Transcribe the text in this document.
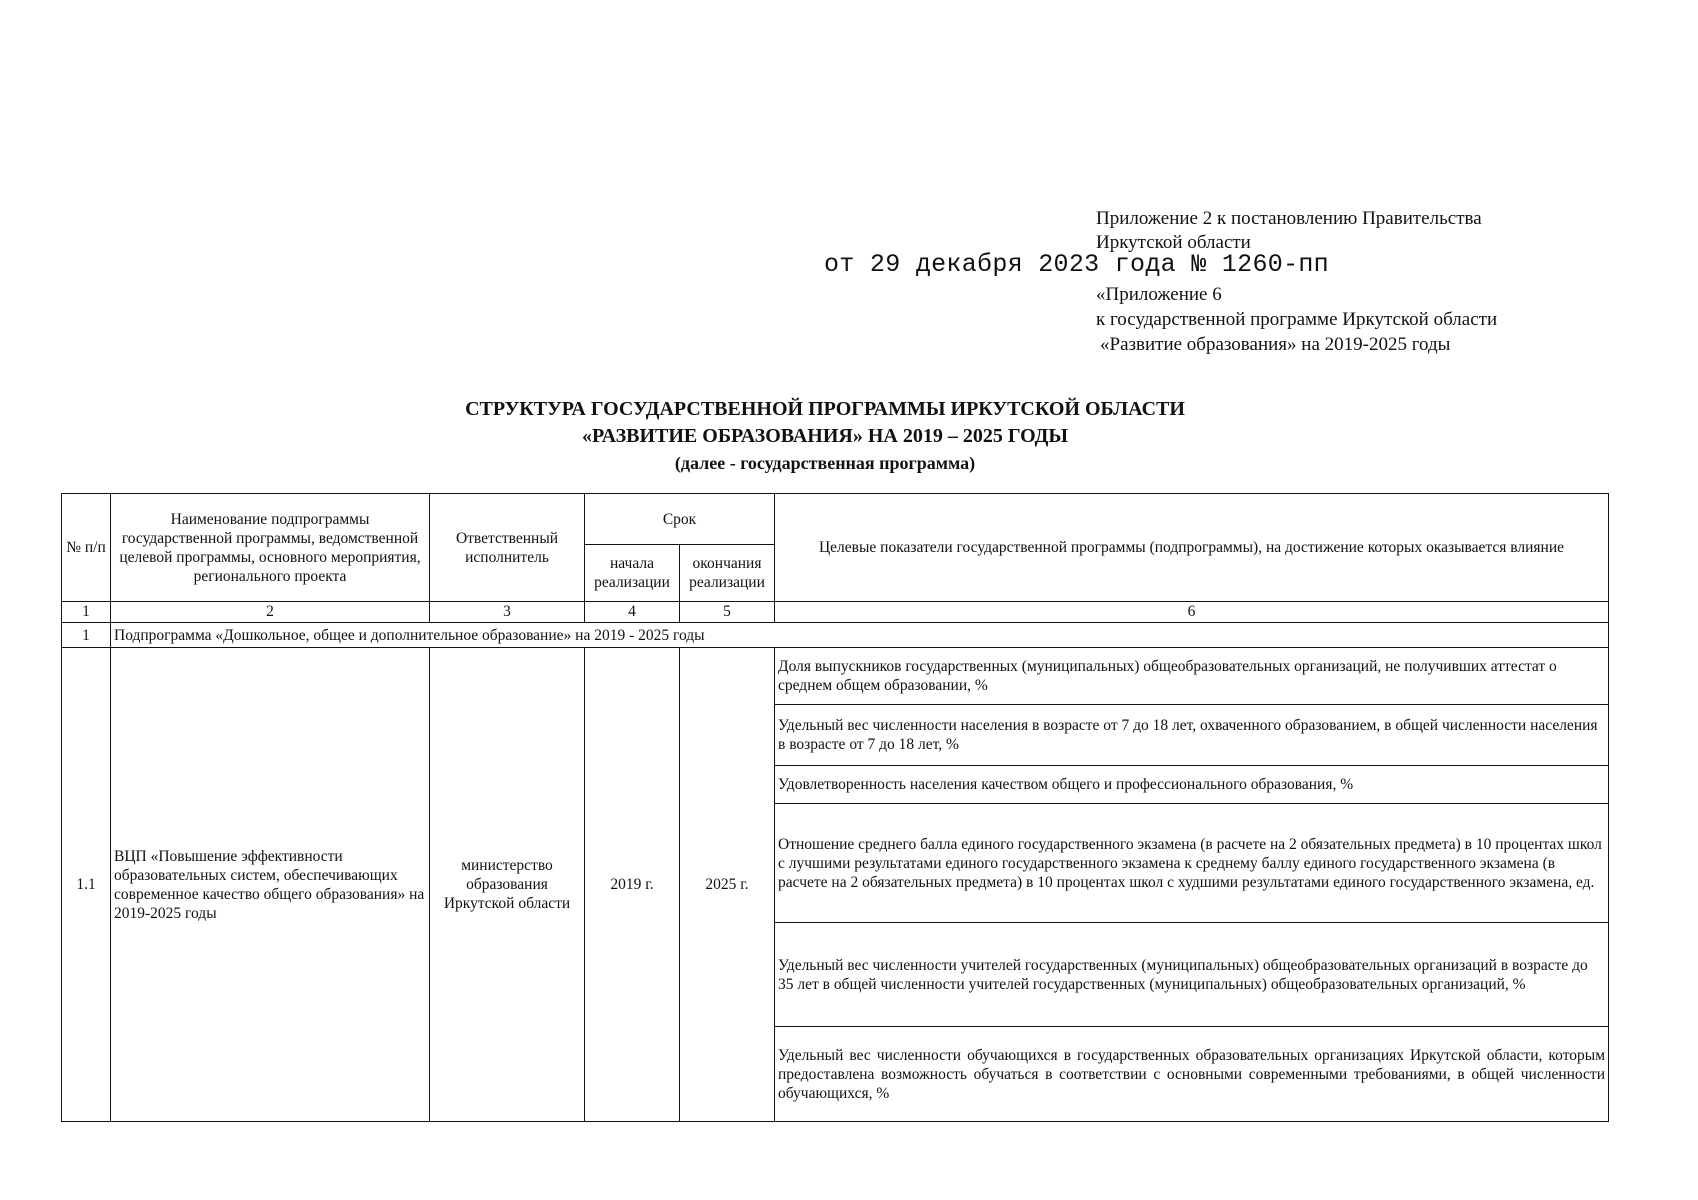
Приложение 2 к постановлению Правительства
Иркутской области
от 29 декабря 2023 года № 1260-пп
«Приложение 6
к государственной программе Иркутской области
«Развитие образования» на 2019-2025 годы
СТРУКТУРА ГОСУДАРСТВЕННОЙ ПРОГРАММЫ ИРКУТСКОЙ ОБЛАСТИ
«РАЗВИТИЕ ОБРАЗОВАНИЯ» НА 2019 – 2025 ГОДЫ
(далее - государственная программа)
№ п/п	Наименование подпрограммы государственной программы, ведомственной целевой программы, основного мероприятия, регионального проекта	Ответственный исполнитель	Срок		Целевые показатели государственной программы (подпрограммы), на достижение которых оказывается влияние
			начала реализации	окончания реализации	
1	2	3	4	5	6
1	Подпрограмма «Дошкольное, общее и дополнительное образование» на 2019 - 2025 годы				
1.1	ВЦП «Повышение эффективности образовательных систем, обеспечивающих современное качество общего образования» на 2019-2025 годы	министерство образования Иркутской области	2019 г.	2025 г.	Доля выпускников государственных (муниципальных) общеобразовательных организаций, не получивших аттестат о среднем общем образовании, %
					Удельный вес численности населения в возрасте от 7 до 18 лет, охваченного образованием, в общей численности населения в возрасте от 7 до 18 лет, %
					Удовлетворенность населения качеством общего и профессионального образования, %
					Отношение среднего балла единого государственного экзамена (в расчете на 2 обязательных предмета) в 10 процентах школ с лучшими результатами единого государственного экзамена к среднему баллу единого государственного экзамена (в расчете на 2 обязательных предмета) в 10 процентах школ с худшими результатами единого государственного экзамена, ед.
					Удельный вес численности учителей государственных (муниципальных) общеобразовательных организаций в возрасте до 35 лет в общей численности учителей государственных (муниципальных) общеобразовательных организаций, %
					Удельный вес численности обучающихся в государственных образовательных организациях Иркутской области, которым предоставлена возможность обучаться в соответствии с основными современными требованиями, в общей численности обучающихся, %
